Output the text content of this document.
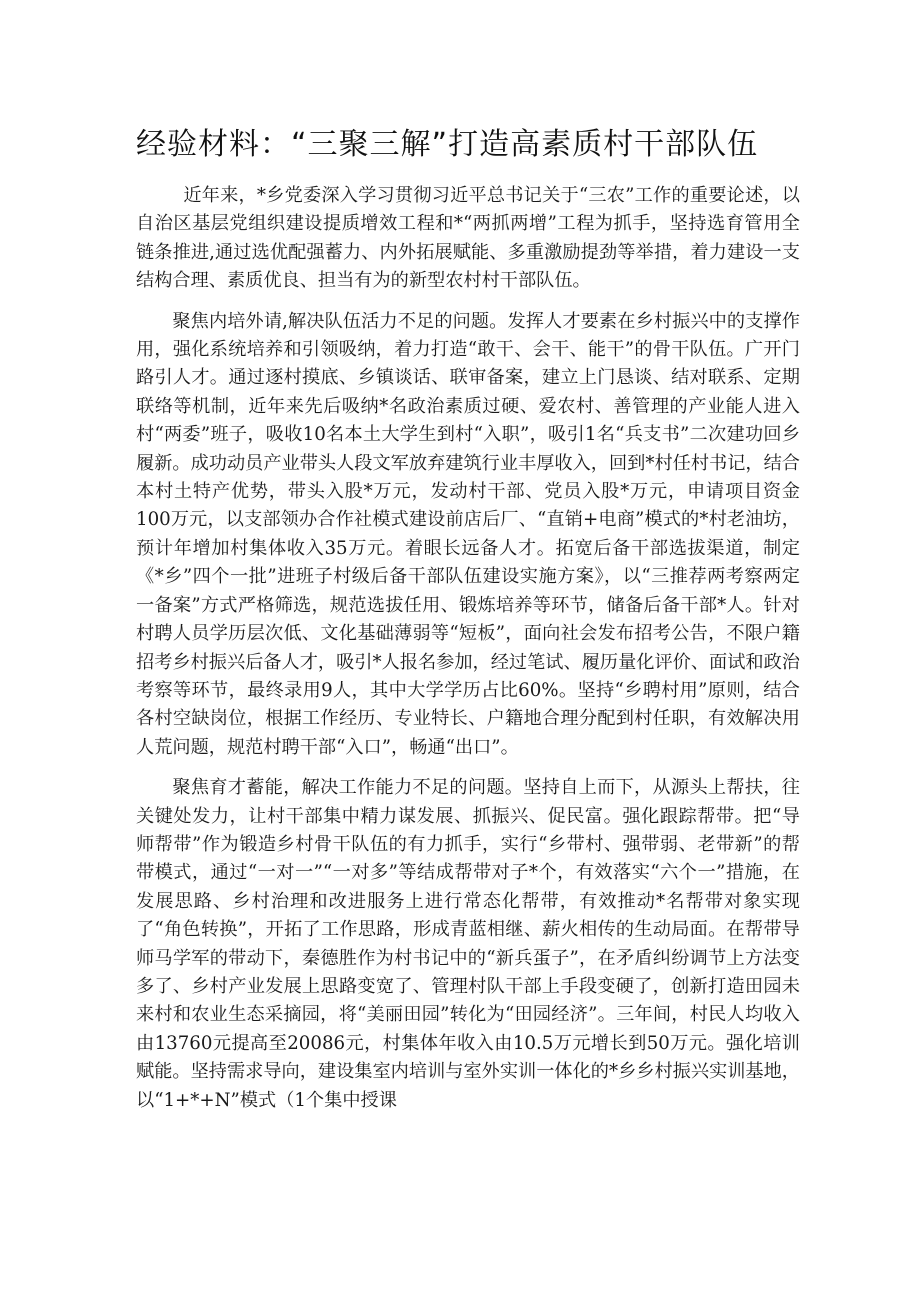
经验材料：“三聚三解”打造高素质村干部队伍

近年来，*乡党委深入学习贯彻习近平总书记关于“三农”工作的重要论述，以自治区基层党组织建设提质增效工程和*“两抓两增”工程为抓手，坚持选育管用全链条推进,通过选优配强蓄力、内外拓展赋能、多重激励提劲等举措，着力建设一支结构合理、素质优良、担当有为的新型农村村干部队伍。

聚焦内培外请,解决队伍活力不足的问题。发挥人才要素在乡村振兴中的支撑作用，强化系统培养和引领吸纳，着力打造“敢干、会干、能干”的骨干队伍。广开门路引人才。通过逐村摸底、乡镇谈话、联审备案，建立上门恳谈、结对联系、定期联络等机制，近年来先后吸纳*名政治素质过硬、爱农村、善管理的产业能人进入村“两委”班子，吸收10名本土大学生到村“入职”，吸引1名“兵支书”二次建功回乡履新。成功动员产业带头人段文军放弃建筑行业丰厚收入，回到*村任村书记，结合本村土特产优势，带头入股*万元，发动村干部、党员入股*万元，申请项目资金100万元，以支部领办合作社模式建设前店后厂、“直销+电商”模式的*村老油坊，预计年增加村集体收入35万元。着眼长远备人才。拓宽后备干部选拔渠道，制定《*乡”四个一批”进班子村级后备干部队伍建设实施方案》，以“三推荐两考察两定一备案”方式严格筛选，规范选拔任用、锻炼培养等环节，储备后备干部*人。针对村聘人员学历层次低、文化基础薄弱等“短板”，面向社会发布招考公告，不限户籍招考乡村振兴后备人才，吸引*人报名参加，经过笔试、履历量化评价、面试和政治考察等环节，最终录用9人，其中大学学历占比60%。坚持“乡聘村用”原则，结合各村空缺岗位，根据工作经历、专业特长、户籍地合理分配到村任职，有效解决用人荒问题，规范村聘干部“入口”，畅通“出口”。

聚焦育才蓄能，解决工作能力不足的问题。坚持自上而下，从源头上帮扶，往关键处发力，让村干部集中精力谋发展、抓振兴、促民富。强化跟踪帮带。把“导师帮带”作为锻造乡村骨干队伍的有力抓手，实行“乡带村、强带弱、老带新”的帮带模式，通过“一对一”“一对多”等结成帮带对子*个，有效落实“六个一”措施，在发展思路、乡村治理和改进服务上进行常态化帮带，有效推动*名帮带对象实现了“角色转换”，开拓了工作思路，形成青蓝相继、薪火相传的生动局面。在帮带导师马学军的带动下，秦德胜作为村书记中的“新兵蛋子”，在矛盾纠纷调节上方法变多了、乡村产业发展上思路变宽了、管理村队干部上手段变硬了，创新打造田园未来村和农业生态采摘园，将“美丽田园”转化为“田园经济”。三年间，村民人均收入由13760元提高至20086元，村集体年收入由10.5万元增长到50万元。强化培训赋能。坚持需求导向，建设集室内培训与室外实训一体化的*乡乡村振兴实训基地，以“1+*+N”模式（1个集中授课
